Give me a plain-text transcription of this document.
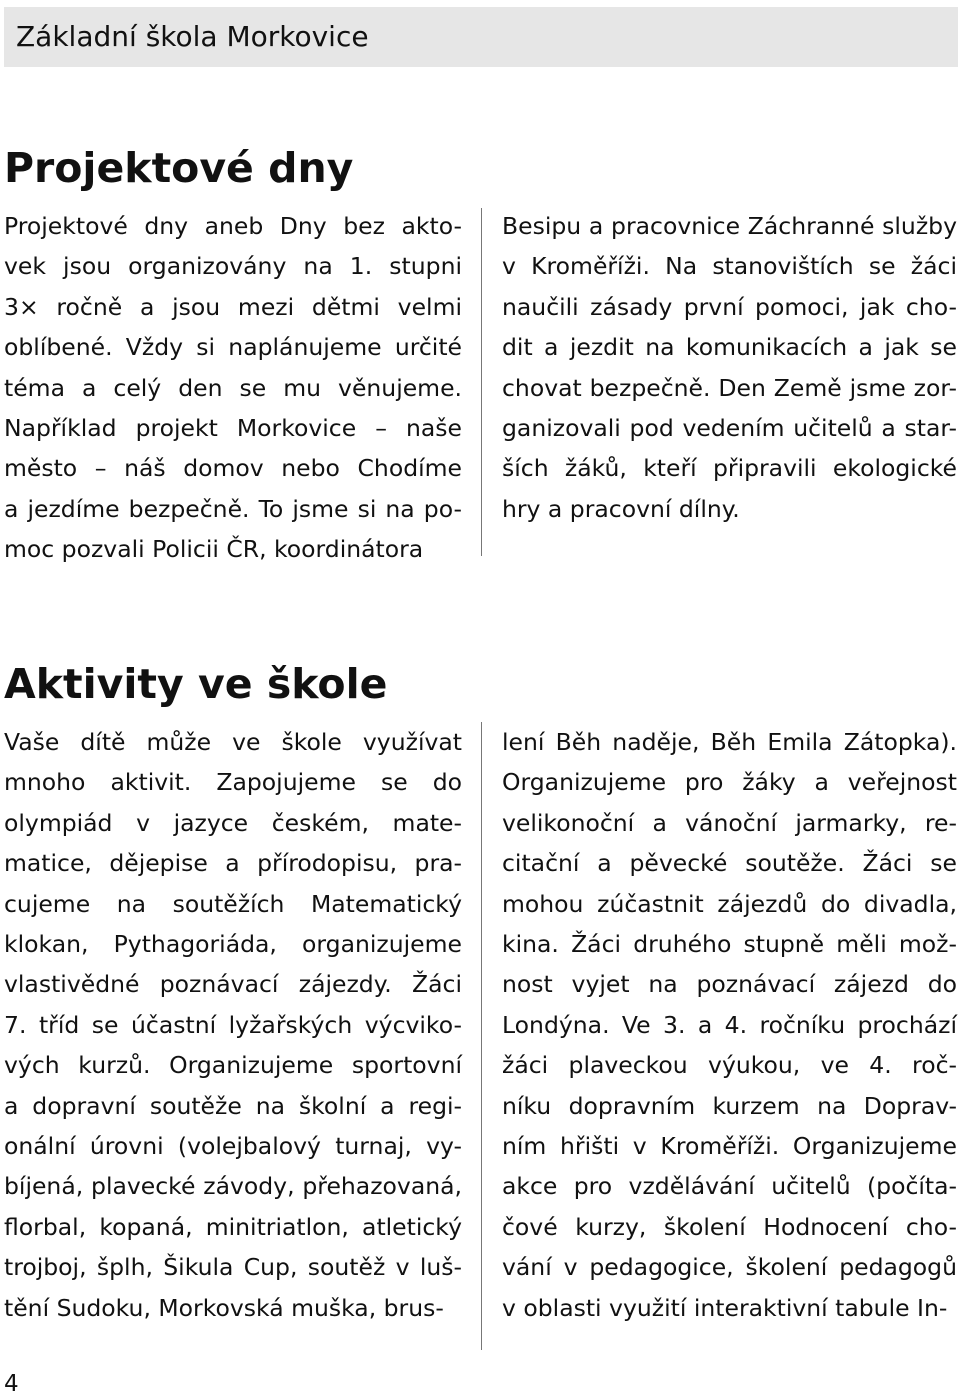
Základní škola Morkovice
Projektové dny
Projektové dny aneb Dny bez akto-
vek jsou organizovány na 1. stupni
3× ročně a jsou mezi dětmi velmi
oblíbené. Vždy si naplánujeme určité
téma a celý den se mu věnujeme.
Například projekt Morkovice – naše
město – náš domov nebo Chodíme
a jezdíme bezpečně. To jsme si na po-
moc pozvali Policii ČR, koordinátora
Besipu a pracovnice Záchranné služby
v Kroměříži. Na stanovištích se žáci
naučili zásady první pomoci, jak cho-
dit a jezdit na komunikacích a jak se
chovat bezpečně. Den Země jsme zor-
ganizovali pod vedením učitelů a star-
ších žáků, kteří připravili ekologické
hry a pracovní dílny.
Aktivity ve škole
Vaše dítě může ve škole využívat
mnoho aktivit. Zapojujeme se do
olympiád v jazyce českém, mate-
matice, dějepise a přírodopisu, pra-
cujeme na soutěžích Matematický
klokan, Pythagoriáda, organizujeme
vlastivědné poznávací zájezdy. Žáci
7. tříd se účastní lyžařských výcviko-
vých kurzů. Organizujeme sportovní
a dopravní soutěže na školní a regi-
onální úrovni (volejbalový turnaj, vy-
bíjená, plavecké závody, přehazovaná,
florbal, kopaná, minitriatlon, atletický
trojboj, šplh, Šikula Cup, soutěž v luš-
tění Sudoku, Morkovská muška, brus-
lení Běh naděje, Běh Emila Zátopka).
Organizujeme pro žáky a veřejnost
velikonoční a vánoční jarmarky, re-
citační a pěvecké soutěže. Žáci se
mohou zúčastnit zájezdů do divadla,
kina. Žáci druhého stupně měli mož-
nost vyjet na poznávací zájezd do
Londýna. Ve 3. a 4. ročníku prochází
žáci plaveckou výukou, ve 4. roč-
níku dopravním kurzem na Doprav-
ním hřišti v Kroměříži. Organizujeme
akce pro vzdělávání učitelů (počíta-
čové kurzy, školení Hodnocení cho-
vání v pedagogice, školení pedagogů
v oblasti využití interaktivní tabule In-
4
